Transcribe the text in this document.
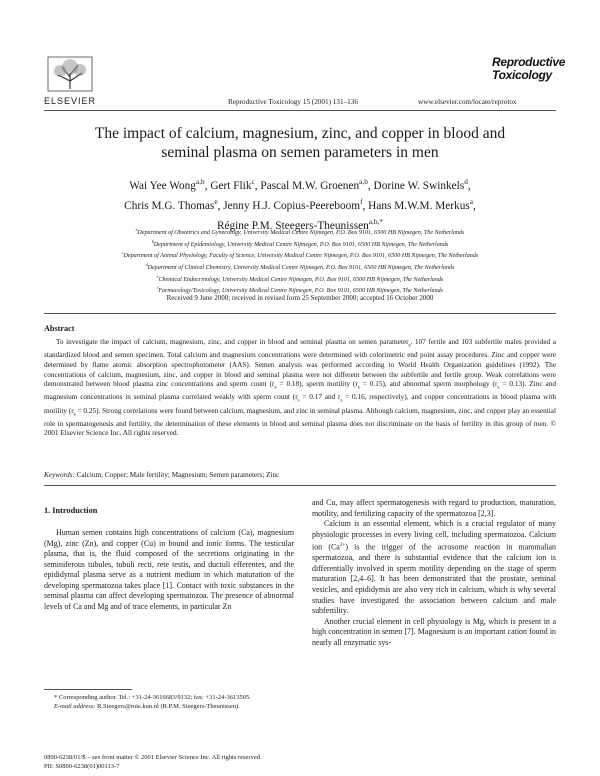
ELSEVIER	Reproductive Toxicology 15 (2001) 131–136	www.elsevier.com/locate/reprotox
Reproductive
Toxicology
The impact of calcium, magnesium, zinc, and copper in blood and
seminal plasma on semen parameters in men
Wai Yee Wong$^{a,b}$, Gert Flik$^c$, Pascal M.W. Groenen$^{a,b}$, Dorine W. Swinkels$^d$,
Chris M.G. Thomas$^e$, Jenny H.J. Copius-Peereboom$^f$, Hans M.W.M. Merkus$^a$,
Régine P.M. Steegers-Theunissen$^{a,b,*}$
$^a$Department of Obstetrics and Gynecology, University Medical Centre Nijmegen, P.O. Box 9101, 6500 HB Nijmegen, The Netherlands
$^b$Department of Epidemiology, University Medical Centre Nijmegen, P.O. Box 9101, 6500 HB Nijmegen, The Netherlands
$^c$Department of Animal Physiology, Faculty of Science, University Medical Centre Nijmegen, P.O. Box 9101, 6500 HB Nijmegen, The Netherlands
$^d$Department of Clinical Chemistry, University Medical Centre Nijmegen, P.O. Box 9101, 6500 HB Nijmegen, The Netherlands
$^e$Chemical Endocrinology, University Medical Centre Nijmegen, P.O. Box 9101, 6500 HB Nijmegen, The Netherlands
$^f$Farmacology/Toxicology, University Medical Centre Nijmegen, P.O. Box 9101, 6500 HB Nijmegen, The Netherlands
Received 9 June 2000; received in revised form 25 September 2000; accepted 16 October 2000
Abstract
To investigate the impact of calcium, magnesium, zinc, and copper in blood and seminal plasma on semen parameter$_s$, 107 fertile and 103 subfertile males provided a standardized blood and semen specimen. Total calcium and magnesium concentrations were determined with colorimetric end point assay procedures. Zinc and copper were determined by flame atomic absorption spectrophotometer (AAS). Semen analysis was performed according to World Health Organization guidelines (1992). The concentrations of calcium, magnesium, zinc, and copper in blood and seminal plasma were not different between the subfertile and fertile group. Weak correlations were demonstrated between blood plasma zinc concentrations and sperm count $(r_s = 0.18)$, sperm motility $(r_s = 0.15)$, and abnormal sperm morphology $(r_s = 0.13)$. Zinc and magnesium concentrations in seminal plasma correlated weakly with sperm count ($r_s = 0.17$ and $r_s = 0.16$, respectively), and copper concentrations in blood plasma with motility $(r_s = 0.25)$. Strong correlations were found between calcium, magnesium, and zinc in seminal plasma. Although calcium, magnesium, zinc, and copper play an essential role in spermatogenesis and fertility, the determination of these elements in blood and seminal plasma does not discriminate on the basis of fertility in this group of men. © 2001 Elsevier Science Inc. All rights reserved.
Keywords: Calcium; Copper; Male fertility; Magnesium; Semen parameters; Zinc
1. Introduction

Human semen contains high concentrations of calcium (Ca), magnesium (Mg), zinc (Zn), and copper (Cu) in bound and ionic forms. The testicular plasma, that is, the fluid composed of the secretions originating in the seminiferous tubules, tubuli recti, rete testis, and ductuli efferentes, and the epididymal plasma serve as a nutrient medium in which maturation of the developing spermatozoa takes place [1]. Contact with toxic substances in the seminal plasma can affect developing spermatozoa. The presence of abnormal levels of Ca and Mg and of trace elements, in particular Zn

and Cu, may affect spermatogenesis with regard to production, maturation, motility, and fertilizing capacity of the spermatozoa [2,3].

Calcium is an essential element, which is a crucial regulator of many physiologic processes in every living cell, including spermatozoa. Calcium ion $(Ca^{2+})$ is the trigger of the acrosome reaction in mammalian spermatozoa, and there is substantial evidence that the calcium ion is differentially involved in sperm motility depending on the stage of sperm maturation [2,4–6]. It has been demonstrated that the prostate, seminal vesicles, and epididymis are also very rich in calcium, which is why several studies have investigated the association between calcium and male subfertility.

Another crucial element in cell physiology is Mg, which is present in a high concentration in semen [7]. Magnesium is an important cation found in nearly all enzymatic sys-

* Corresponding author. Tel.: +31-24-3616683/9132; fax: +31-24-3613505.

E-mail address: R.Steegers@mie.kun.nl (R.P.M. Steegers-Theunissen).

0890-6238/01/$ – see front matter © 2001 Elsevier Science Inc. All rights reserved.
PII: S0890-6238(01)00113-7
